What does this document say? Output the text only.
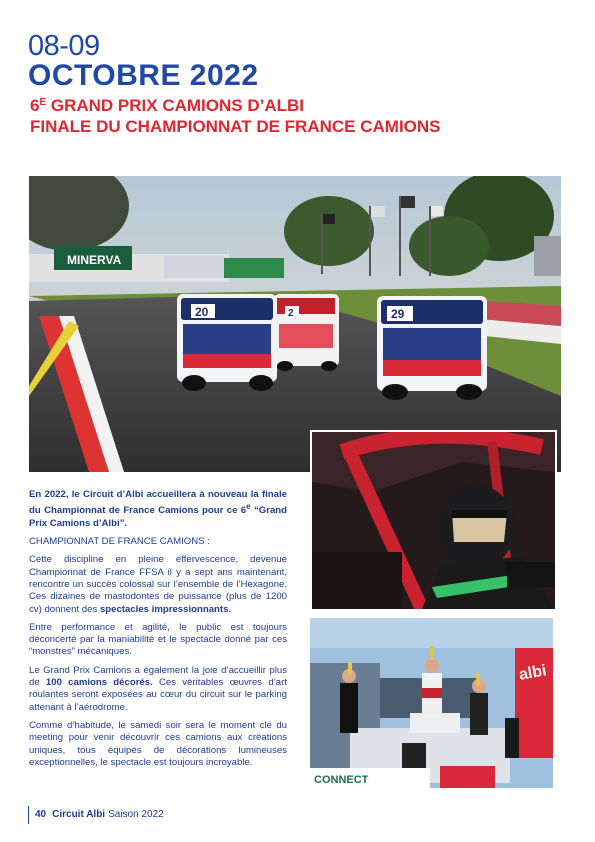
08-09
OCTOBRE 2022
$6^E$ GRAND PRIX CAMIONS D’ALBI
FINALE DU CHAMPIONNAT DE FRANCE CAMIONS
MINERVA
20	2	29
albi
CONNECT

En 2022, le Circuit d’Albi accueillera à nouveau la finale du Championnat de France Camions pour ce 6e “Grand Prix Camions d’Albi”.

CHAMPIONNAT DE FRANCE CAMIONS :

Cette discipline en pleine effervescence, devenue Championnat de France FFSA il y a sept ans maintenant, rencontre un succès colossal sur l’ensemble de l’Hexagone. Ces dizaines de mastodontes de puissance (plus de 1200 cv) donnent des spectacles impressionnants.

Entre performance et agilité, le public est toujours déconcerté par la maniabilité et le spectacle donné par ces “monstres” mécaniques.

Le Grand Prix Camions a également la joie d’accueillir plus de 100 camions décorés. Ces véritables œuvres d’art roulantes seront exposées au cœur du circuit sur le parking attenant à l’aérodrome.

Comme d’habitude, le samedi soir sera le moment clé du meeting pour venir découvrir ces camions aux créations uniques, tous équipés de décorations lumineuses exceptionnelles, le spectacle est toujours incroyable.

40 Circuit Albi Saison 2022
